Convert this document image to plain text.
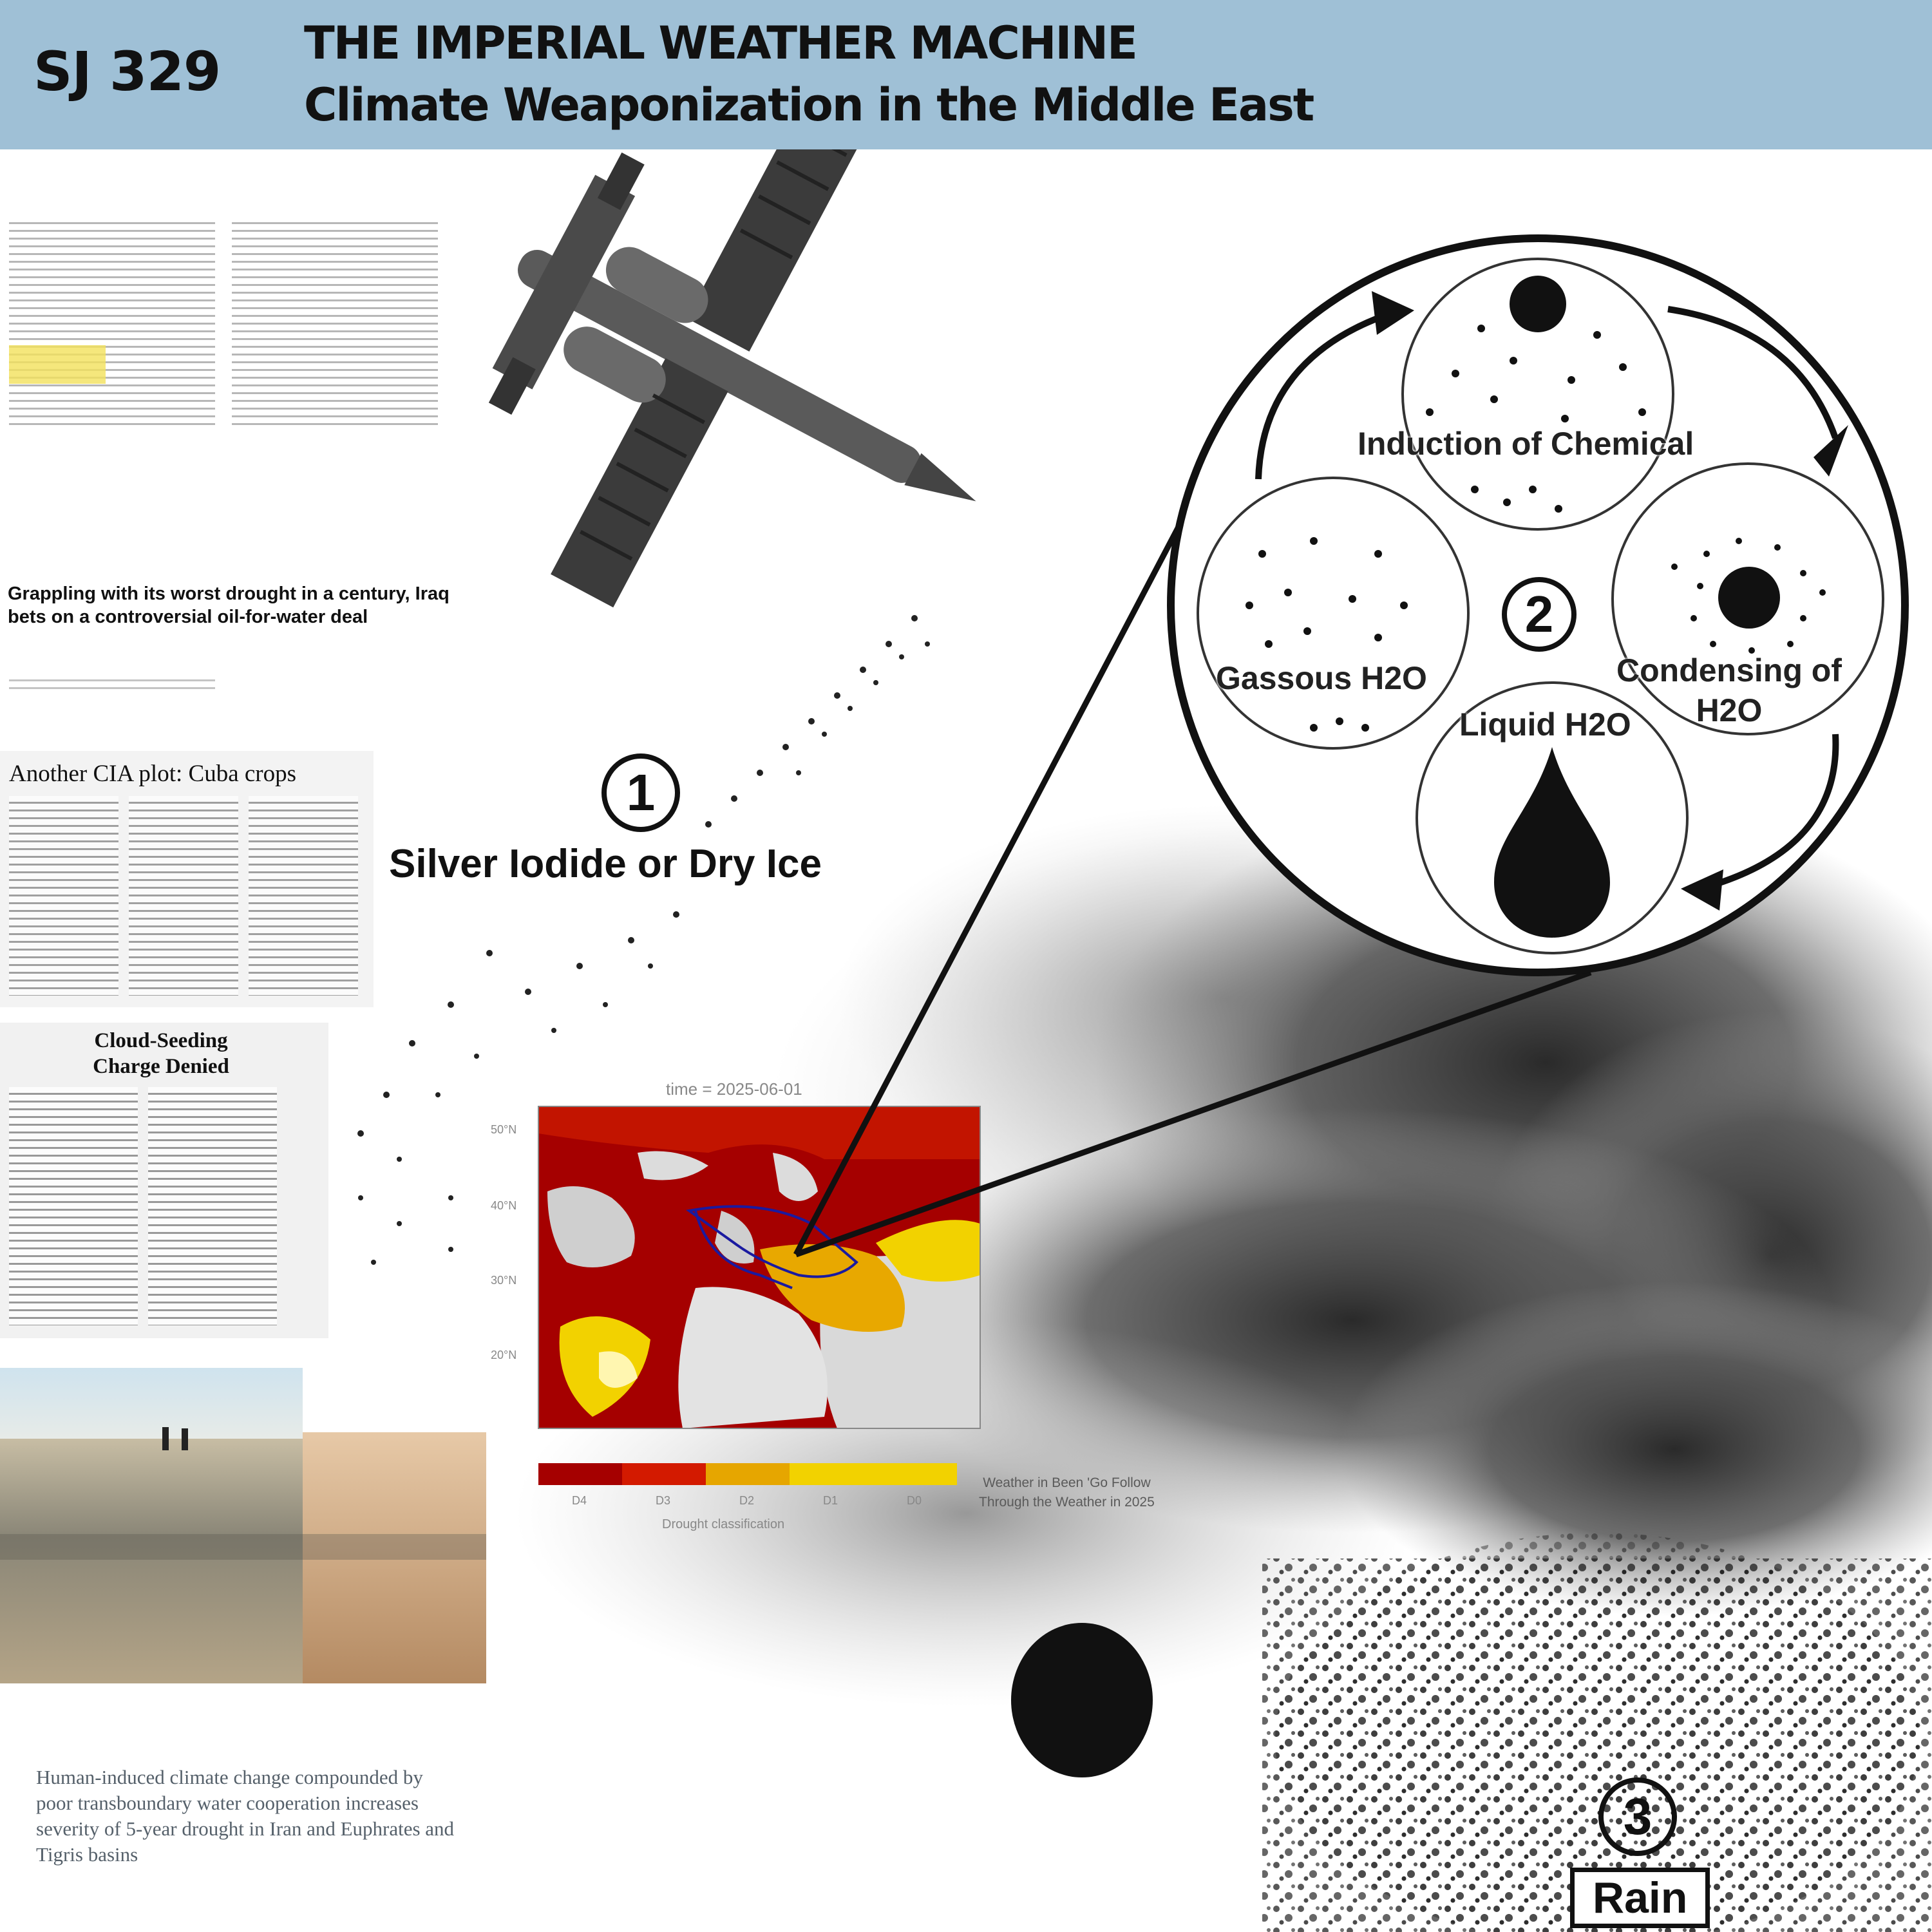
SJ 329 THE IMPERIAL WEATHER MACHINE
Climate Weaponization in the Middle East
Grappling with its worst drought in a century, Iraq bets on a controversial oil-for-water deal
Another CIA plot: Cuba crops
Cloud-Seeding Charge Denied
Human-induced climate change compounded by poor transboundary water cooperation increases severity of 5-year drought in Iran and Euphrates and Tigris basins
1
Silver Iodide or Dry Ice
2
3
Rain
Induction of Chemical
Gassous H2O	Condensing of
H2O
Liquid H2O
time = 2025-06-01
50°N
40°N
30°N
20°N
D4	D3	D2	D1	D0
Drought classification
Weather in Been 'Go Follow
Through the Weather in 2025
